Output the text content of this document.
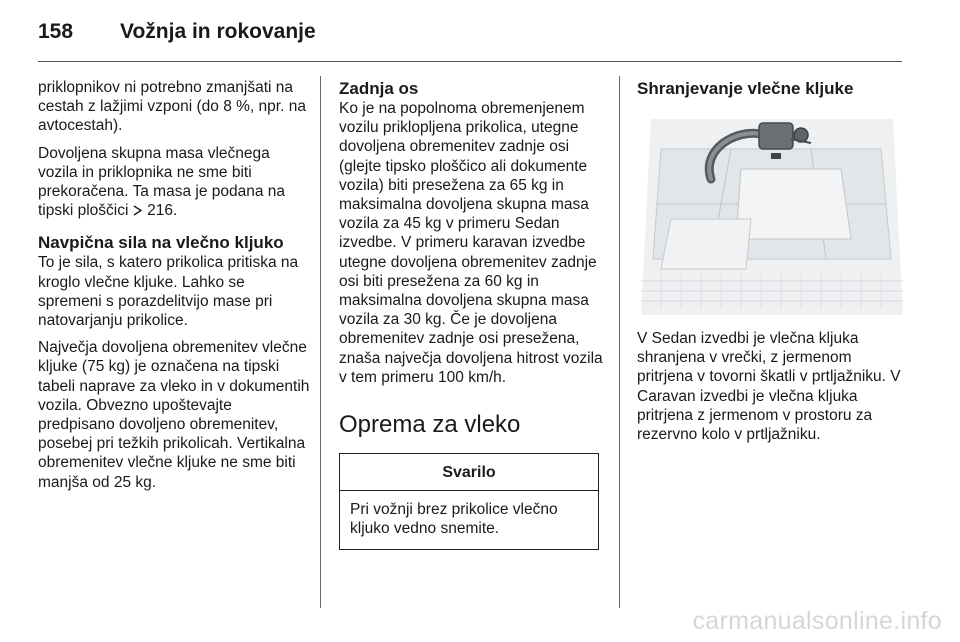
158	Vožnja in rokovanje

priklopnikov ni potrebno zmanjšati na cestah z lažjimi vzponi (do 8 %, npr. na avtocestah).

Dovoljena skupna masa vlečnega vozila in priklopnika ne sme biti prekoračena. Ta masa je podana na tipski ploščici 216.

Navpična sila na vlečno kljuko

To je sila, s katero prikolica pritiska na kroglo vlečne kljuke. Lahko se spremeni s porazdelitvijo mase pri natovarjanju prikolice.

Največja dovoljena obremenitev vlečne kljuke (75 kg) je označena na tipski tabeli naprave za vleko in v dokumentih vozila. Obvezno upoštevajte predpisano dovoljeno obremenitev, posebej pri težkih prikolicah. Vertikalna obremenitev vlečne kljuke ne sme biti manjša od 25 kg.

Zadnja os

Ko je na popolnoma obremenjenem vozilu priklopljena prikolica, utegne dovoljena obremenitev zadnje osi (glejte tipsko ploščico ali dokumente vozila) biti presežena za 65 kg in maksimalna dovoljena skupna masa vozila za 45 kg v primeru Sedan izvedbe. V primeru karavan izvedbe utegne dovoljena obremenitev zadnje osi biti presežena za 60 kg in maksimalna dovoljena skupna masa vozila za 30 kg. Če je dovoljena obremenitev zadnje osi presežena, znaša največja dovoljena hitrost vozila v tem primeru 100 km/h.

Oprema za vleko
Svarilo
Pri vožnji brez prikolice vlečno kljuko vedno snemite.
Shranjevanje vlečne kljuke

V Sedan izvedbi je vlečna kljuka shranjena v vrečki, z jermenom pritrjena v tovorni škatli v prtljažniku. V Caravan izvedbi je vlečna kljuka pritrjena z jermenom v prostoru za rezervno kolo v prtljažniku.

carmanualsonline.info
